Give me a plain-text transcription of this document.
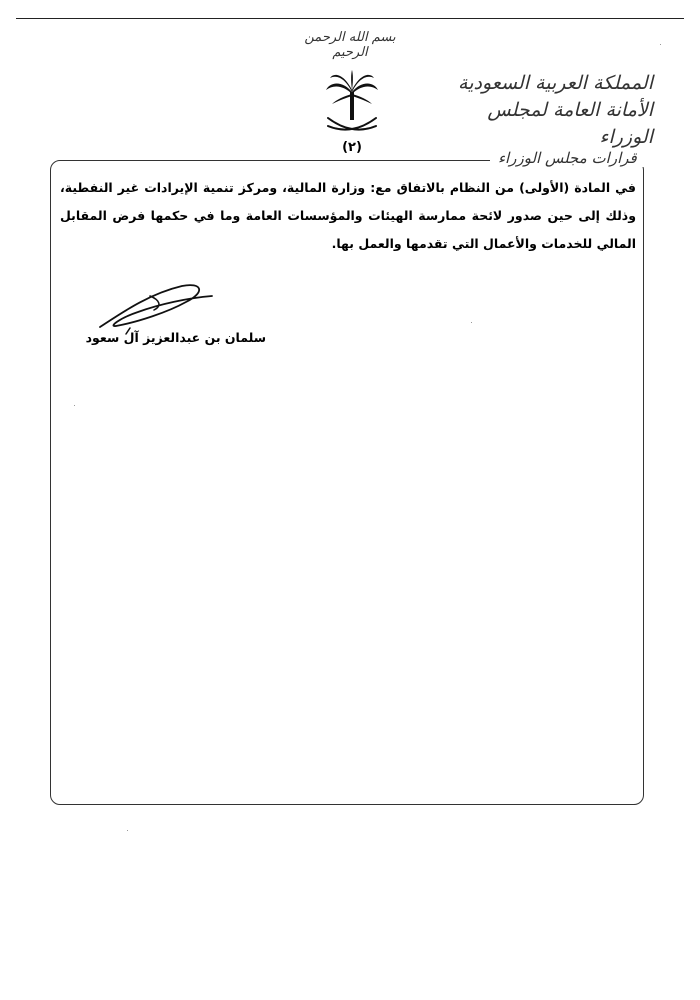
بسم الله الرحمن الرحيم
(٢)
المملكة العربية السعودية
الأمانة العامة لمجلس الوزراء
قرارات مجلس الوزراء

في المادة (الأولى) من النظام بالاتفاق مع: وزارة المالية، ومركز تنمية الإيرادات غير النفطية، وذلك إلى حين صدور لائحة ممارسة الهيئات والمؤسسات العامة وما في حكمها فرض المقابل المالي للخدمات والأعمال التي تقدمها والعمل بها.

سلمان بن عبدالعزيز آل سعود
